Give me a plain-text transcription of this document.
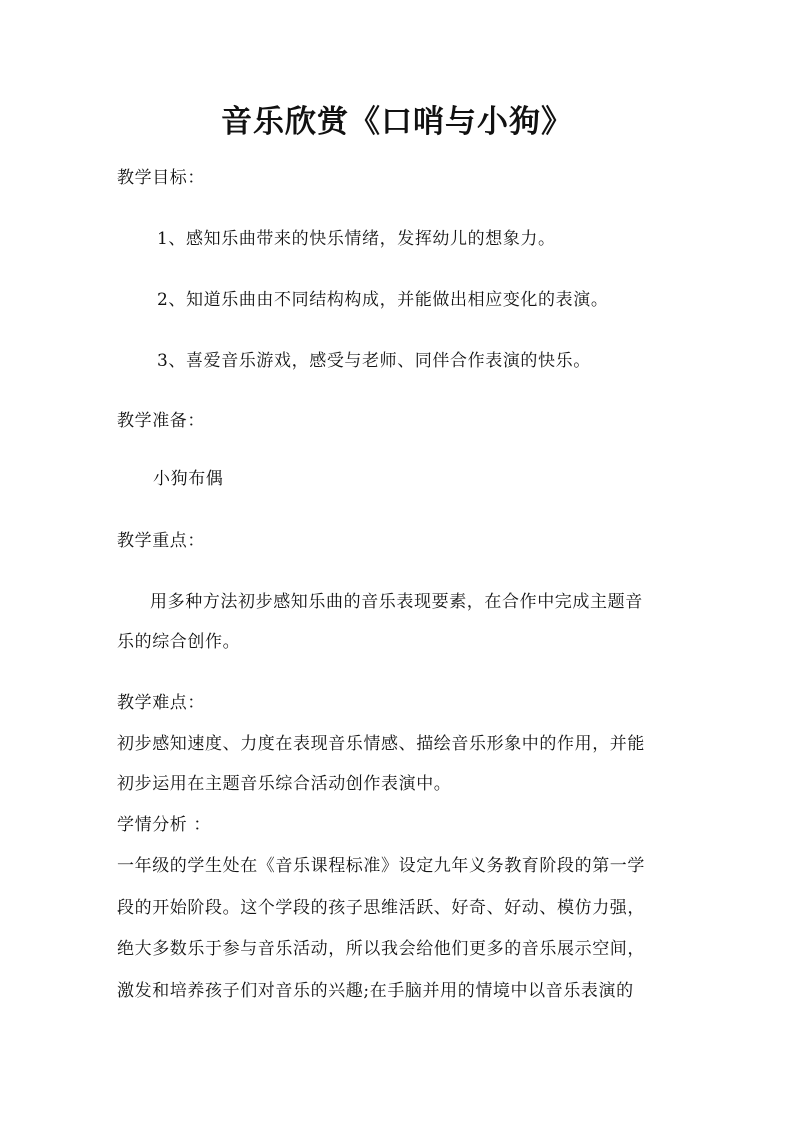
音乐欣赏《口哨与小狗》
教学目标：
1、感知乐曲带来的快乐情绪，发挥幼儿的想象力。
2、知道乐曲由不同结构构成，并能做出相应变化的表演。
3、喜爱音乐游戏，感受与老师、同伴合作表演的快乐。
教学准备：
小狗布偶
教学重点：
用多种方法初步感知乐曲的音乐表现要素，在合作中完成主题音
乐的综合创作。
教学难点：
初步感知速度、力度在表现音乐情感、描绘音乐形象中的作用，并能
初步运用在主题音乐综合活动创作表演中。
学情分析 ：
一年级的学生处在《音乐课程标准》设定九年义务教育阶段的第一学
段的开始阶段。这个学段的孩子思维活跃、好奇、好动、模仿力强，
绝大多数乐于参与音乐活动，所以我会给他们更多的音乐展示空间，
激发和培养孩子们对音乐的兴趣;在手脑并用的情境中以音乐表演的
